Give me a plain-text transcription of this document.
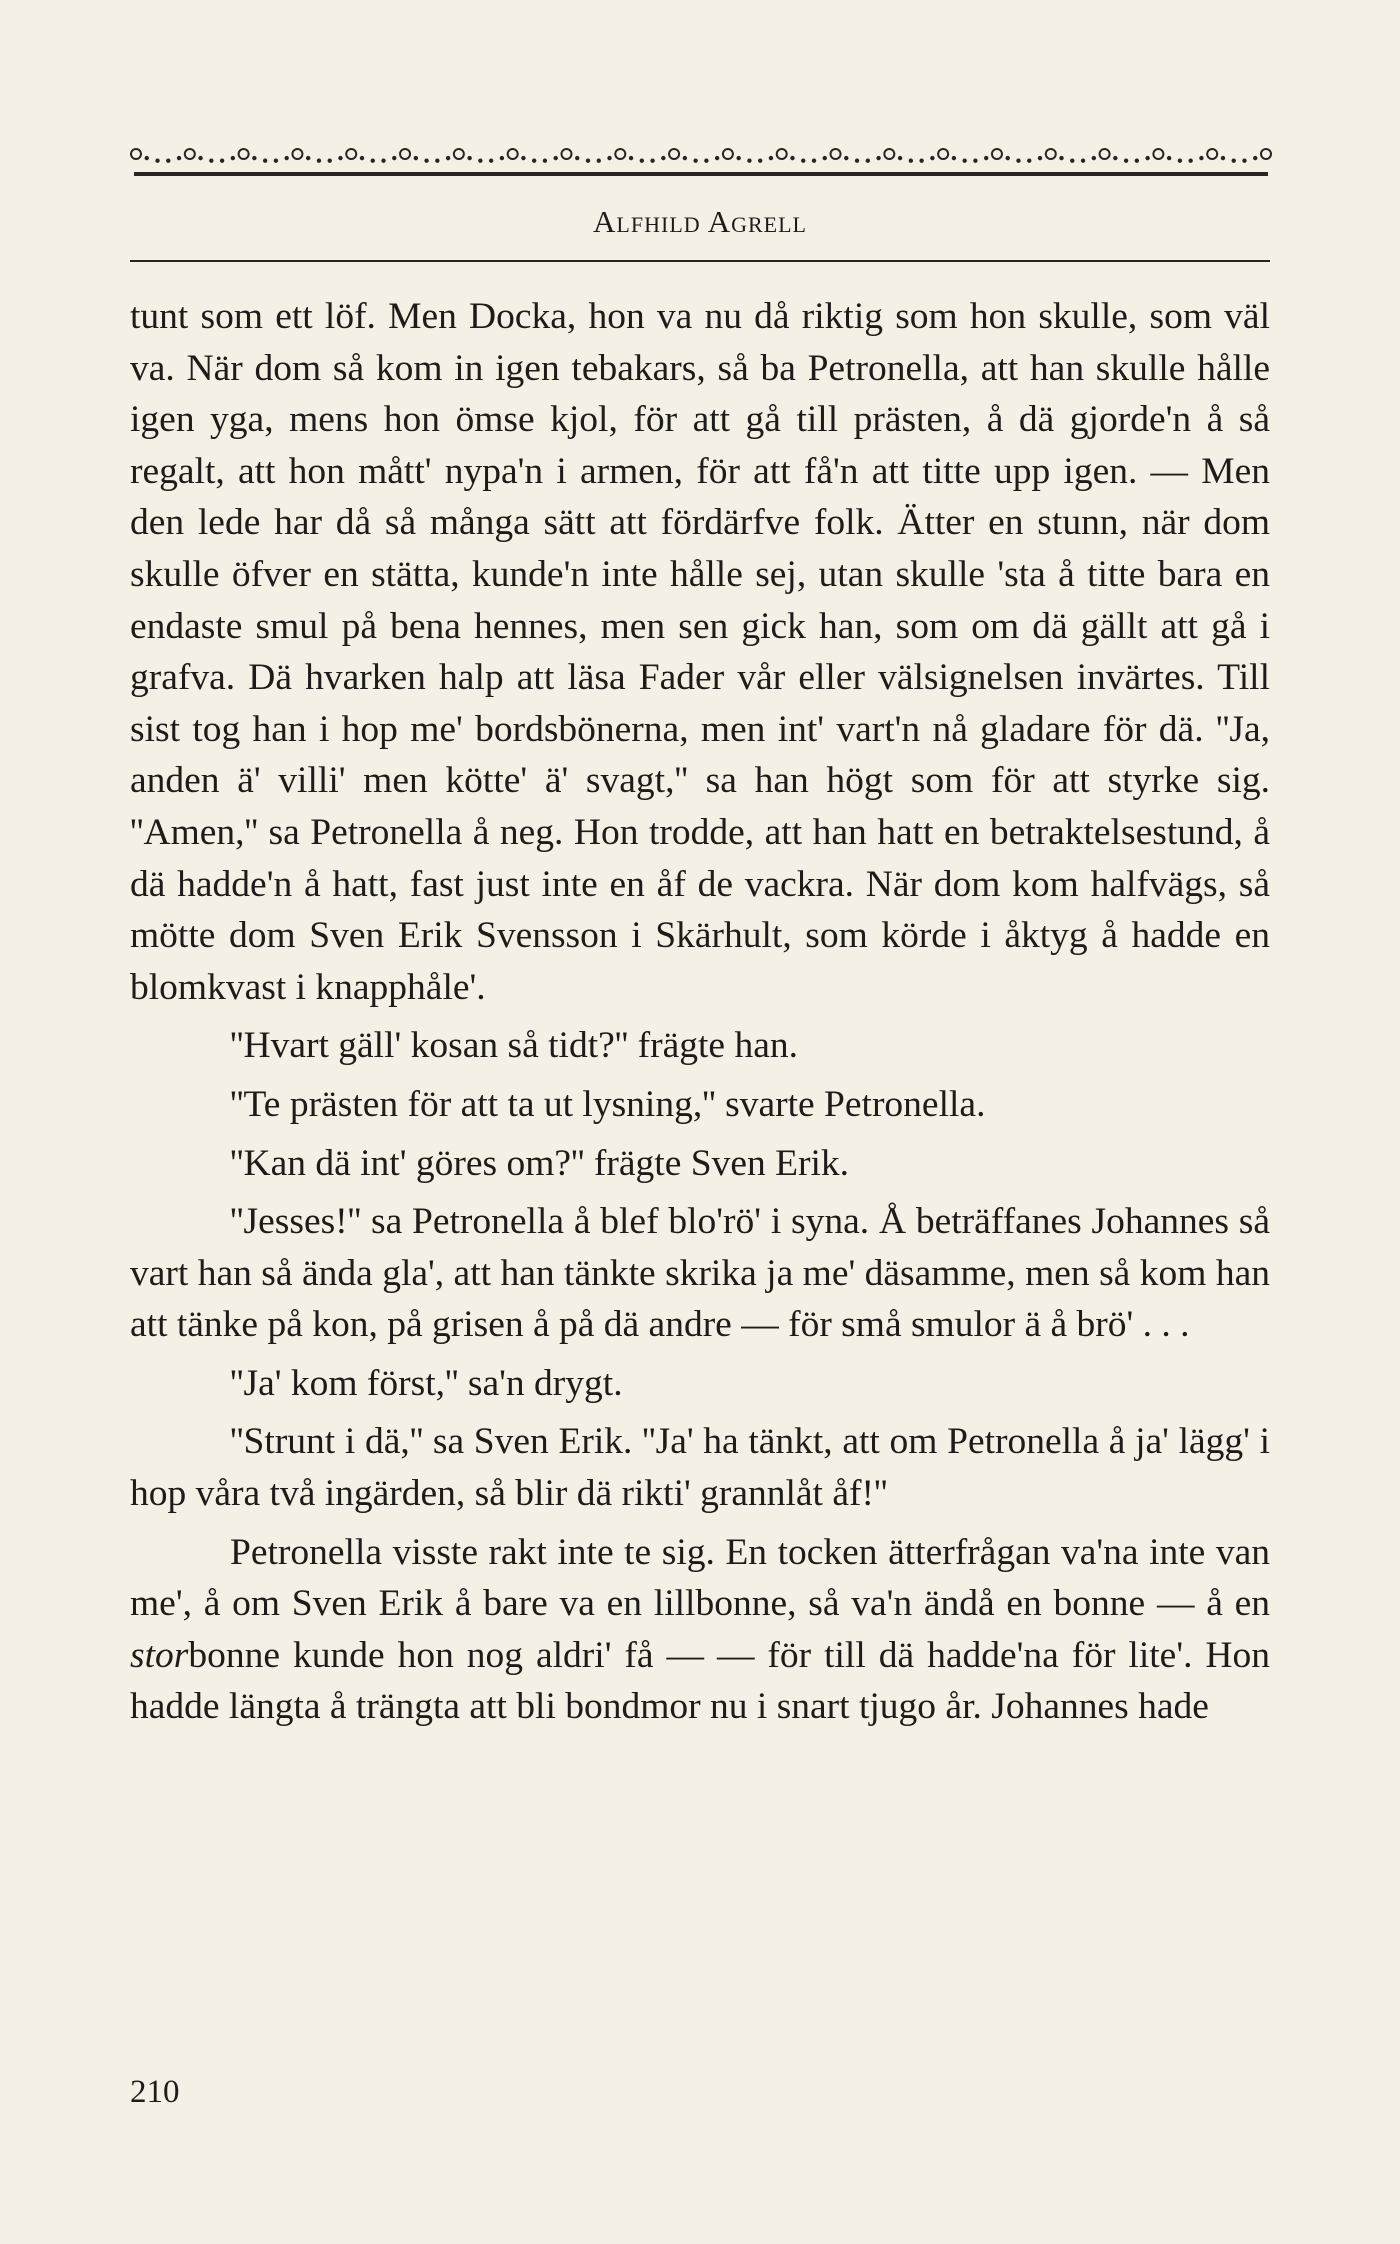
Alfhild Agrell

tunt som ett löf. Men Docka, hon va nu då riktig som hon skulle, som väl va. När dom så kom in igen tebakars, så ba Petronella, att han skulle hålle igen yga, mens hon ömse kjol, för att gå till prästen, å dä gjorde'n å så regalt, att hon mått' nypa'n i armen, för att få'n att titte upp igen. — Men den lede har då så många sätt att fördärfve folk. Ätter en stunn, när dom skulle öfver en stätta, kunde'n inte hålle sej, utan skulle 'sta å titte bara en endaste smul på bena hennes, men sen gick han, som om dä gällt att gå i grafva. Dä hvarken halp att läsa Fader vår eller välsignelsen invärtes. Till sist tog han i hop me' bordsbönerna, men int' vart'n nå gladare för dä. ''Ja, anden ä' villi' men kötte' ä' svagt,'' sa han högt som för att styrke sig. ''Amen,'' sa Petronella å neg. Hon trodde, att han hatt en betraktelsestund, å dä hadde'n å hatt, fast just inte en åf de vackra. När dom kom halfvägs, så mötte dom Sven Erik Svensson i Skärhult, som körde i åktyg å hadde en blomkvast i knapphåle'.

''Hvart gäll' kosan så tidt?'' frägte han.

''Te prästen för att ta ut lysning,'' svarte Petronella.

''Kan dä int' göres om?'' frägte Sven Erik.

''Jesses!'' sa Petronella å blef blo'rö' i syna. Å beträffanes Johannes så vart han så ända gla', att han tänkte skrika ja me' däsamme, men så kom han att tänke på kon, på grisen å på dä andre — för små smulor ä å brö' . . .

''Ja' kom först,'' sa'n drygt.

''Strunt i dä,'' sa Sven Erik. ''Ja' ha tänkt, att om Petronella å ja' lägg' i hop våra två ingärden, så blir dä rikti' grannlåt åf!''

Petronella visste rakt inte te sig. En tocken ätterfrågan va'na inte van me', å om Sven Erik å bare va en lillbonne, så va'n ändå en bonne — å en storbonne kunde hon nog aldri' få — — för till dä hadde'na för lite'. Hon hadde längta å trängta att bli bondmor nu i snart tjugo år. Johannes hade

210
